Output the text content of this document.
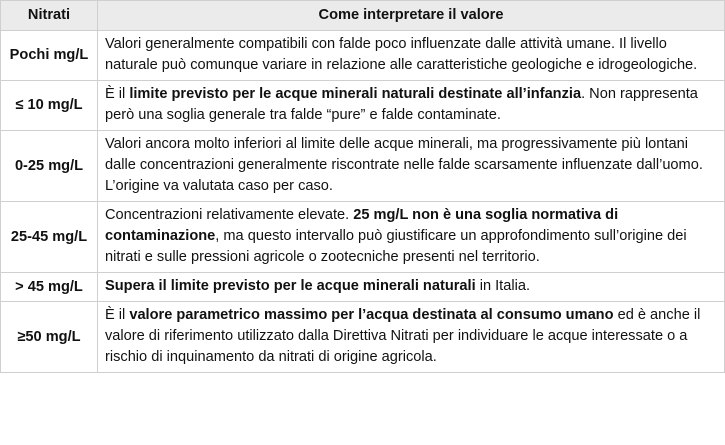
Nitrati	Come interpretare il valore
Pochi mg/L	Valori generalmente compatibili con falde poco influenzate dalle attività umane. Il livello naturale può comunque variare in relazione alle caratteristiche geologiche e idrogeologiche.
≤ 10 mg/L	È il limite previsto per le acque minerali naturali destinate all’infanzia. Non rappresenta però una soglia generale tra falde “pure” e falde contaminate.
0-25 mg/L	Valori ancora molto inferiori al limite delle acque minerali, ma progressivamente più lontani dalle concentrazioni generalmente riscontrate nelle falde scarsamente influenzate dall’uomo. L’origine va valutata caso per caso.
25-45 mg/L	Concentrazioni relativamente elevate. 25 mg/L non è una soglia normativa di contaminazione, ma questo intervallo può giustificare un approfondimento sull’origine dei nitrati e sulle pressioni agricole o zootecniche presenti nel territorio.
> 45 mg/L	Supera il limite previsto per le acque minerali naturali in Italia.
≥50 mg/L	È il valore parametrico massimo per l’acqua destinata al consumo umano ed è anche il valore di riferimento utilizzato dalla Direttiva Nitrati per individuare le acque interessate o a rischio di inquinamento da nitrati di origine agricola.
